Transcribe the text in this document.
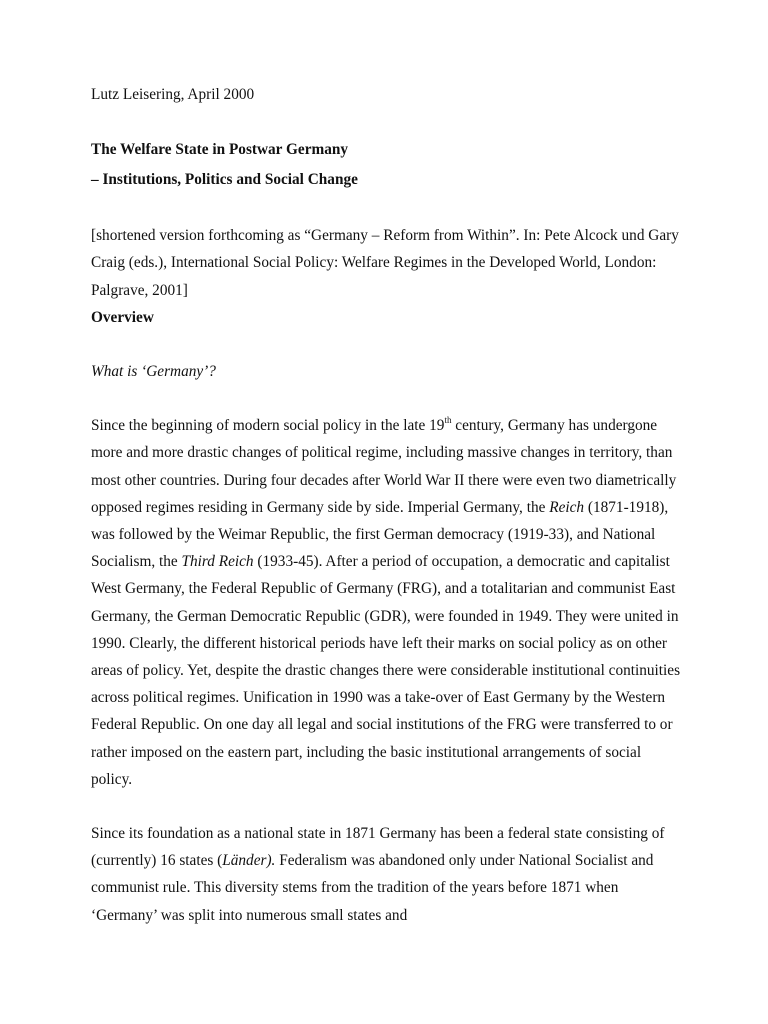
Lutz Leisering, April 2000

The Welfare State in Postwar Germany

– Institutions, Politics and Social Change

[shortened version forthcoming as “Germany – Reform from Within”. In: Pete Alcock und Gary Craig (eds.), International Social Policy: Welfare Regimes in the Developed World, London: Palgrave, 2001]

Overview

What is ‘Germany’?

Since the beginning of modern social policy in the late 19th century, Germany has undergone more and more drastic changes of political regime, including massive changes in territory, than most other countries. During four decades after World War II there were even two diametrically opposed regimes residing in Germany side by side. Imperial Germany, the Reich (1871-1918), was followed by the Weimar Republic, the first German democracy (1919-33), and National Socialism, the Third Reich (1933-45). After a period of occupation, a democratic and capitalist West Germany, the Federal Republic of Germany (FRG), and a totalitarian and communist East Germany, the German Democratic Republic (GDR), were founded in 1949. They were united in 1990. Clearly, the different historical periods have left their marks on social policy as on other areas of policy. Yet, despite the drastic changes there were considerable institutional continuities across political regimes. Unification in 1990 was a take-over of East Germany by the Western Federal Republic. On one day all legal and social institutions of the FRG were transferred to or rather imposed on the eastern part, including the basic institutional arrangements of social policy.

Since its foundation as a national state in 1871 Germany has been a federal state consisting of (currently) 16 states (Länder). Federalism was abandoned only under National Socialist and communist rule. This diversity stems from the tradition of the years before 1871 when ‘Germany’ was split into numerous small states and
